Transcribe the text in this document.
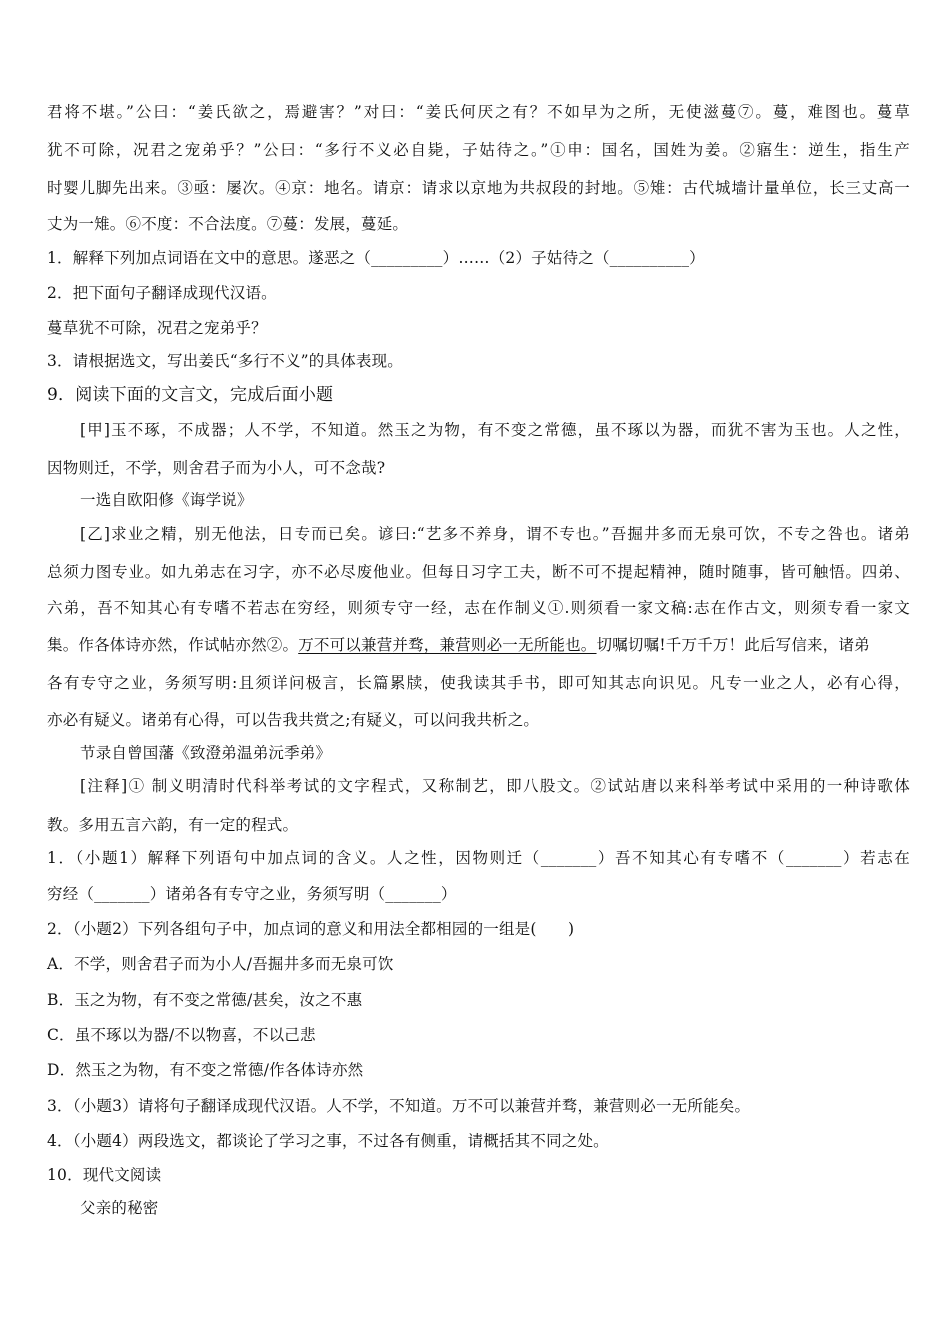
君将不堪。”公曰：“姜氏欲之，焉避害？”对曰：“姜氏何厌之有？不如早为之所，无使滋蔓⑦。蔓，难图也。蔓草
犹不可除，况君之宠弟乎？”公曰：“多行不义必自毙，子姑待之。”①申：国名，国姓为姜。②寤生：逆生，指生产
时婴儿脚先出来。③亟：屡次。④京：地名。请京：请求以京地为共叔段的封地。⑤雉：古代城墙计量单位，长三丈高一
丈为一雉。⑥不度：不合法度。⑦蔓：发展，蔓延。
1．解释下列加点词语在文中的意思。遂恶之（_________）……（2）子姑待之（__________）
2．把下面句子翻译成现代汉语。
蔓草犹不可除，况君之宠弟乎？
3．请根据选文，写出姜氏“多行不义”的具体表现。
9．阅读下面的文言文，完成后面小题
[甲]玉不琢，不成器；人不学，不知道。然玉之为物，有不变之常德，虽不琢以为器，而犹不害为玉也。人之性，
因物则迁，不学，则舍君子而为小人，可不念哉?
一选自欧阳修《诲学说》
[乙]求业之精，别无他法，日专而已矣。谚曰:“艺多不养身，谓不专也。”吾掘井多而无泉可饮，不专之咎也。诸弟
总须力图专业。如九弟志在习字，亦不必尽废他业。但每日习字工夫，断不可不提起精神，随时随事，皆可触悟。四弟、
六弟，吾不知其心有专嗜不若志在穷经，则须专守一经，志在作制义①.则须看一家文稿:志在作古文，则须专看一家文
集。作各体诗亦然，作试帖亦然②。万不可以兼营并骛，兼营则必一无所能也。切嘱切嘱!千万千万！此后写信来，诸弟
各有专守之业，务须写明:且须详问极言，长篇累牍，使我读其手书，即可知其志向识见。凡专一业之人，必有心得，
亦必有疑义。诸弟有心得，可以告我共赏之;有疑义，可以问我共析之。
节录自曾国藩《致澄弟温弟沅季弟》
[注释]① 制义明清时代科举考试的文字程式，又称制艺，即八股文。②试站唐以来科举考试中采用的一种诗歌体
教。多用五言六韵，有一定的程式。
1．（小题1）解释下列语句中加点词的含义。人之性，因物则迁（_______）吾不知其心有专嗜不（_______）若志在
穷经（_______）诸弟各有专守之业，务须写明（_______）
2．（小题2）下列各组句子中，加点词的意义和用法全都相园的一组是(　　)
A．不学，则舍君子而为小人/吾掘井多而无泉可饮
B．玉之为物，有不变之常德/甚矣，汝之不惠
C．虽不琢以为器/不以物喜，不以己悲
D．然玉之为物，有不变之常德/作各体诗亦然
3．（小题3）请将句子翻译成现代汉语。人不学，不知道。万不可以兼营并骛，兼营则必一无所能矣。
4．（小题4）两段选文，都谈论了学习之事，不过各有侧重，请概括其不同之处。
10．现代文阅读
父亲的秘密
